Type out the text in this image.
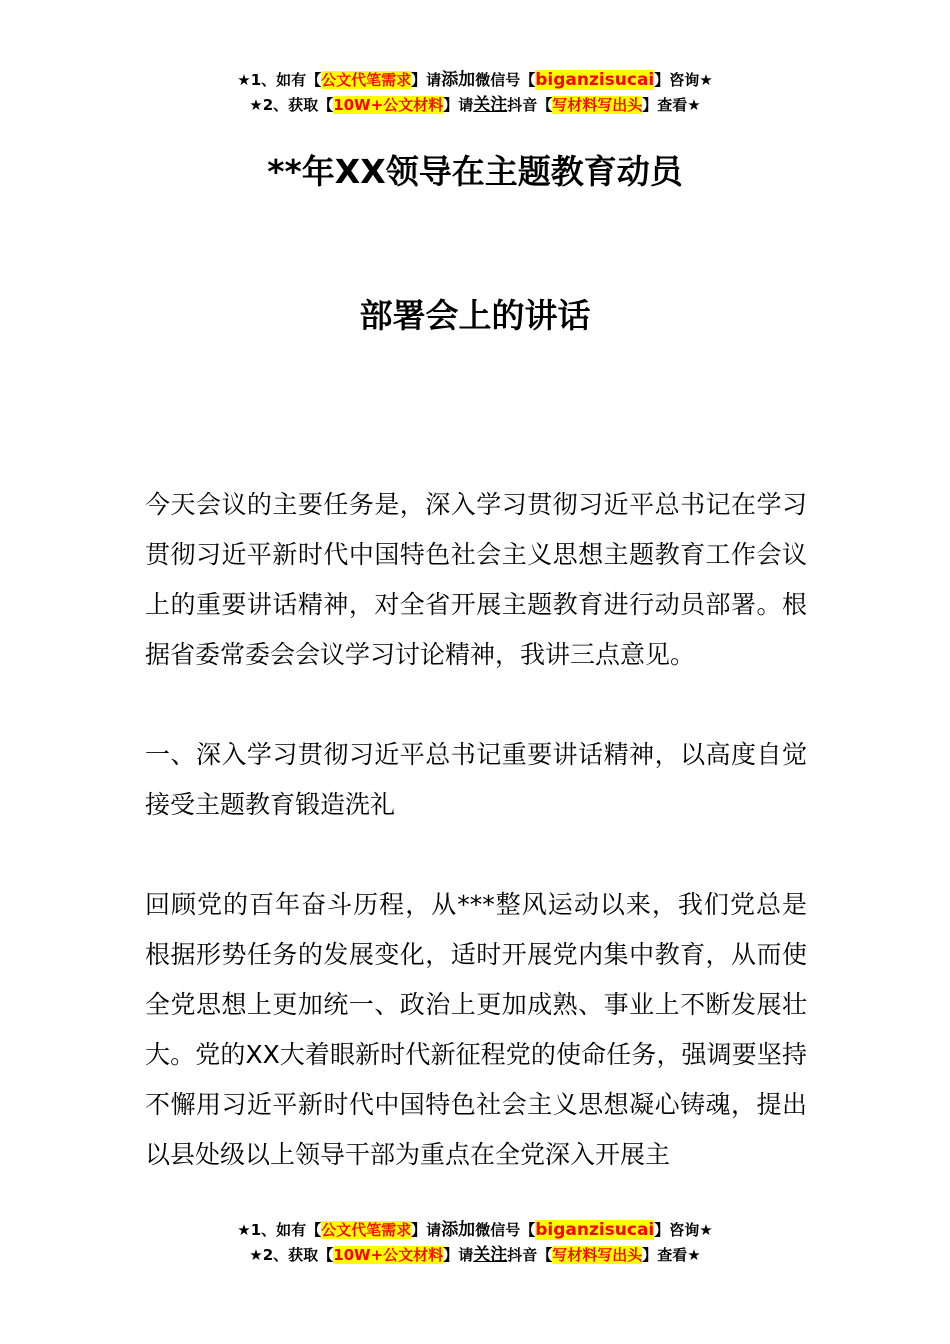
★1、如有【公文代笔需求】请添加微信号【biganzisucai】咨询★
★2、获取【10W+公文材料】请关注抖音【写材料写出头】查看★
**年XX领导在主题教育动员
部署会上的讲话

今天会议的主要任务是，深入学习贯彻习近平总书记在学习贯彻习近平新时代中国特色社会主义思想主题教育工作会议上的重要讲话精神，对全省开展主题教育进行动员部署。根据省委常委会会议学习讨论精神，我讲三点意见。

一、深入学习贯彻习近平总书记重要讲话精神，以高度自觉接受主题教育锻造洗礼

回顾党的百年奋斗历程，从***整风运动以来，我们党总是根据形势任务的发展变化，适时开展党内集中教育，从而使全党思想上更加统一、政治上更加成熟、事业上不断发展壮大。党的XX大着眼新时代新征程党的使命任务，强调要坚持不懈用习近平新时代中国特色社会主义思想凝心铸魂，提出以县处级以上领导干部为重点在全党深入开展主

★1、如有【公文代笔需求】请添加微信号【biganzisucai】咨询★
★2、获取【10W+公文材料】请关注抖音【写材料写出头】查看★
